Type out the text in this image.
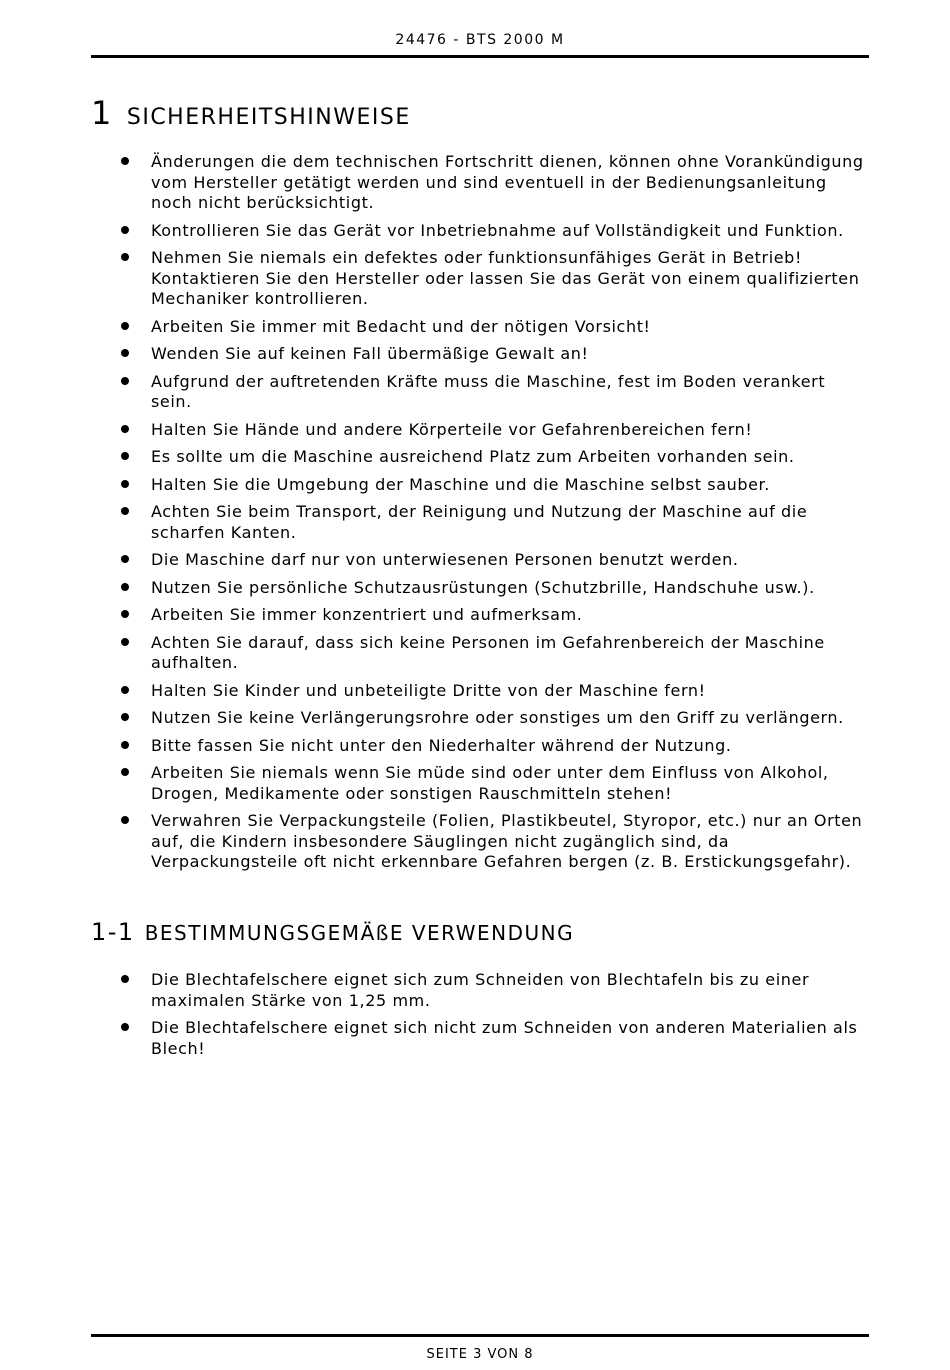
24476 - BTS 2000 M
1 SICHERHEITSHINWEISE
Änderungen die dem technischen Fortschritt dienen, können ohne Vorankündigung vom Hersteller getätigt werden und sind eventuell in der Bedienungsanleitung noch nicht berücksichtigt.
Kontrollieren Sie das Gerät vor Inbetriebnahme auf Vollständigkeit und Funktion.
Nehmen Sie niemals ein defektes oder funktionsunfähiges Gerät in Betrieb! Kontaktieren Sie den Hersteller oder lassen Sie das Gerät von einem qualifizierten Mechaniker kontrollieren.
Arbeiten Sie immer mit Bedacht und der nötigen Vorsicht!
Wenden Sie auf keinen Fall übermäßige Gewalt an!
Aufgrund der auftretenden Kräfte muss die Maschine, fest im Boden verankert sein.
Halten Sie Hände und andere Körperteile vor Gefahrenbereichen fern!
Es sollte um die Maschine ausreichend Platz zum Arbeiten vorhanden sein.
Halten Sie die Umgebung der Maschine und die Maschine selbst sauber.
Achten Sie beim Transport, der Reinigung und Nutzung der Maschine auf die scharfen Kanten.
Die Maschine darf nur von unterwiesenen Personen benutzt werden.
Nutzen Sie persönliche Schutzausrüstungen (Schutzbrille, Handschuhe usw.).
Arbeiten Sie immer konzentriert und aufmerksam.
Achten Sie darauf, dass sich keine Personen im Gefahrenbereich der Maschine aufhalten.
Halten Sie Kinder und unbeteiligte Dritte von der Maschine fern!
Nutzen Sie keine Verlängerungsrohre oder sonstiges um den Griff zu verlängern.
Bitte fassen Sie nicht unter den Niederhalter während der Nutzung.
Arbeiten Sie niemals wenn Sie müde sind oder unter dem Einfluss von Alkohol, Drogen, Medikamente oder sonstigen Rauschmitteln stehen!
Verwahren Sie Verpackungsteile (Folien, Plastikbeutel, Styropor, etc.) nur an Orten auf, die Kindern insbesondere Säuglingen nicht zugänglich sind, da Verpackungsteile oft nicht erkennbare Gefahren bergen (z. B. Erstickungsgefahr).
1-1 BESTIMMUNGSGEMÄßE VERWENDUNG
Die Blechtafelschere eignet sich zum Schneiden von Blechtafeln bis zu einer maximalen Stärke von 1,25 mm.
Die Blechtafelschere eignet sich nicht zum Schneiden von anderen Materialien als Blech!
SEITE 3 VON 8
